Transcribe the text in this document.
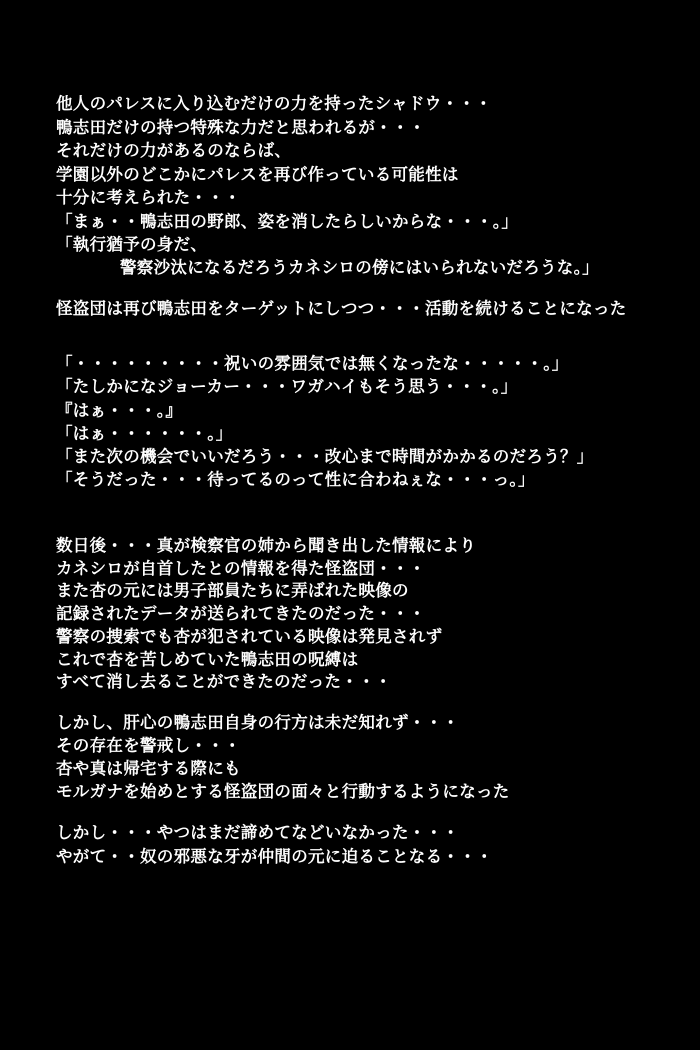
他人のパレスに入り込むだけの力を持ったシャドウ・・・

鴨志田だけの持つ特殊な力だと思われるが・・・

それだけの力があるのならば、

学園以外のどこかにパレスを再び作っている可能性は

十分に考えられた・・・

「まぁ・・鴨志田の野郎、姿を消したらしいからな・・・。」

「執行猶予の身だ、

警察沙汰になるだろうカネシロの傍にはいられないだろうな。」

怪盗団は再び鴨志田をターゲットにしつつ・・・活動を続けることになった

「・・・・・・・・・祝いの雰囲気では無くなったな・・・・・。」

「たしかになジョーカー・・・ワガハイもそう思う・・・。」

『はぁ・・・。』

「はぁ・・・・・・。」

「また次の機会でいいだろう・・・改心まで時間がかかるのだろう？」

「そうだった・・・待ってるのって性に合わねぇな・・・っ。」

数日後・・・真が検察官の姉から聞き出した情報により

カネシロが自首したとの情報を得た怪盗団・・・

また杏の元には男子部員たちに弄ばれた映像の

記録されたデータが送られてきたのだった・・・

警察の捜索でも杏が犯されている映像は発見されず

これで杏を苦しめていた鴨志田の呪縛は

すべて消し去ることができたのだった・・・

しかし、肝心の鴨志田自身の行方は未だ知れず・・・

その存在を警戒し・・・

杏や真は帰宅する際にも

モルガナを始めとする怪盗団の面々と行動するようになった

しかし・・・やつはまだ諦めてなどいなかった・・・

やがて・・奴の邪悪な牙が仲間の元に迫ることなる・・・
